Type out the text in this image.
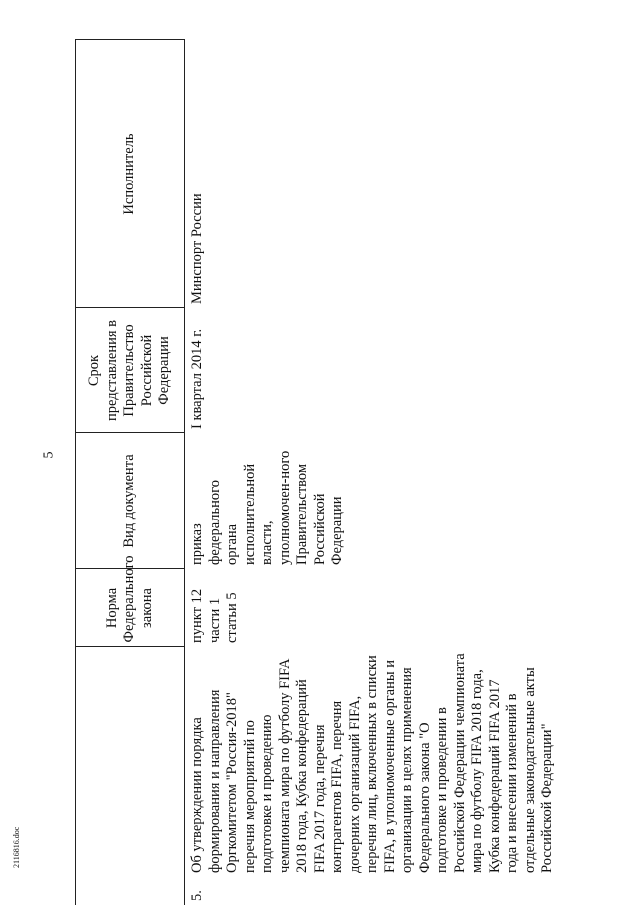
5
		Норма Федерального закона	Вид документа	Срок представления в Правительство Российской Федерации	Исполнитель
5.	Об утверждении порядка формирования и направления Оргкомитетом "Россия-2018" перечня мероприятий по подготовке и проведению чемпионата мира по футболу FIFA 2018 года, Кубка конфедераций FIFA 2017 года, перечня контрагентов FIFA, перечня дочерних организаций FIFA, перечня лиц, включенных в списки FIFA, в уполномоченные органы и организации в целях применения Федерального закона "О подготовке и проведении в Российской Федерации чемпионата мира по футболу FIFA 2018 года, Кубка конфедераций FIFA 2017 года и внесении изменений в отдельные законодательные акты Российской Федерации"	пункт 12 части 1 статьи 5	приказ федерального органа исполнительной власти, уполномочен-ного Правительством Российской Федерации	I квартал 2014 г.	Минспорт России
2116816.doc
